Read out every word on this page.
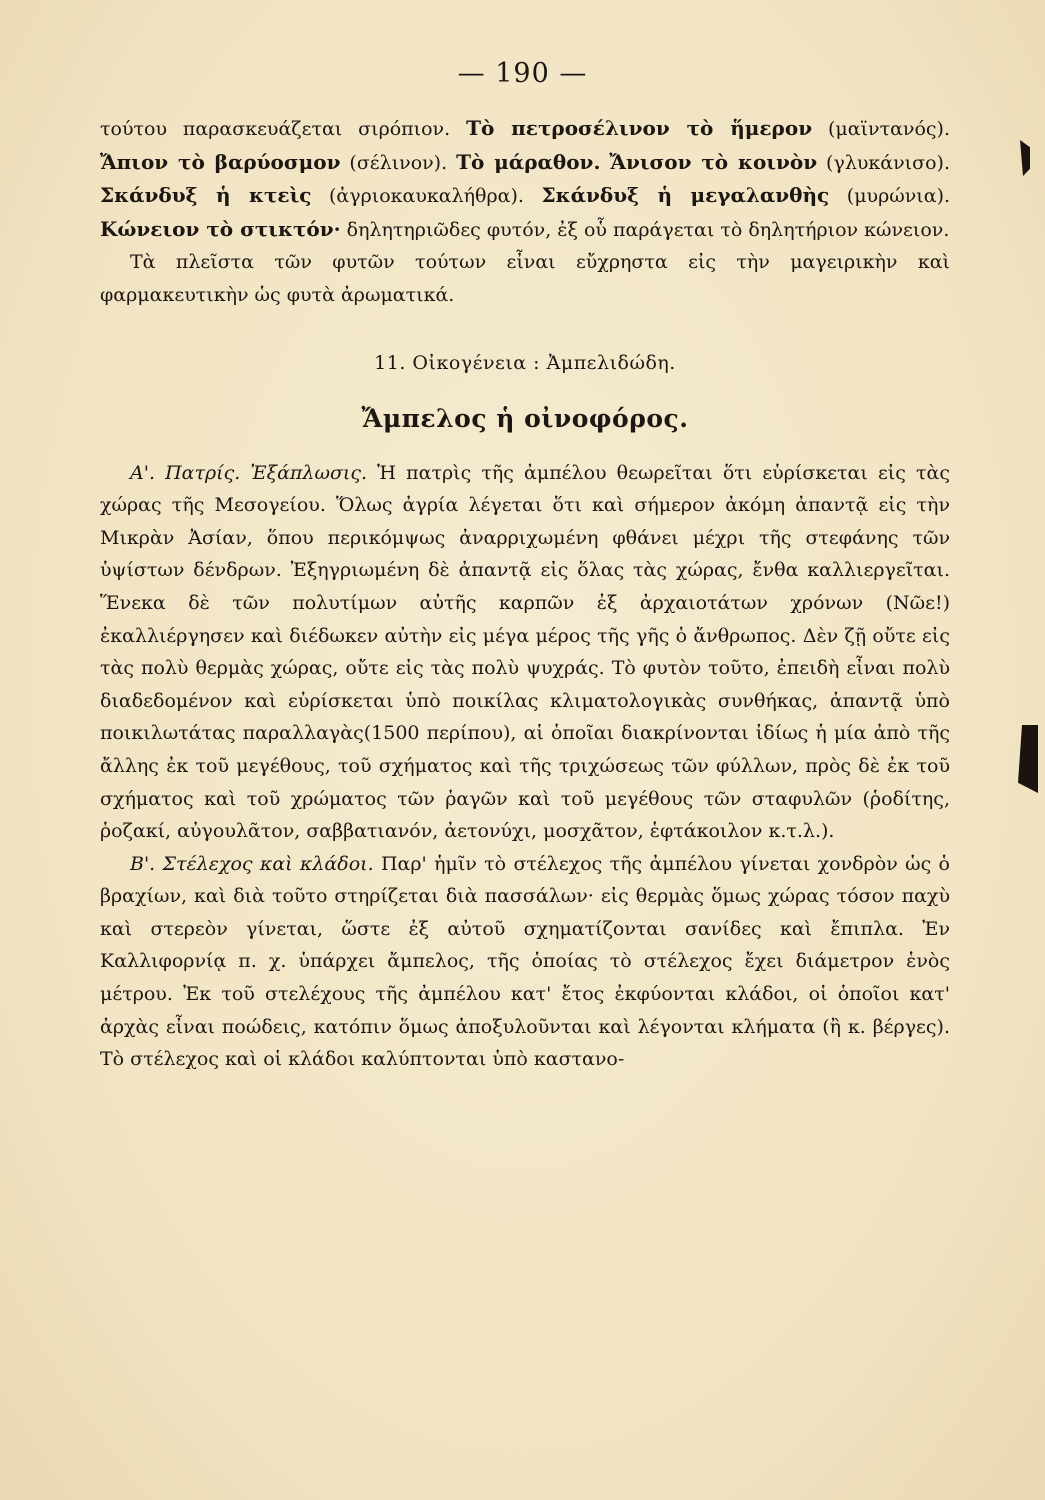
— 190 —

τούτου παρασκευάζεται σιρόπιον. Τὸ πετροσέλινον τὸ ἥμερον (μαϊντανός). Ἄπιον τὸ βαρύοσμον (σέλινον). Τὸ μάραθον. Ἄνισον τὸ κοινὸν (γλυκάνισο). Σκάνδυξ ἡ κτεὶς (ἀγριοκαυκαλήθρα). Σκάνδυξ ἡ μεγαλανθὴς (μυρώνια). Κώνειον τὸ στικτόν· δηλητηριῶδες φυτόν, ἐξ οὗ παράγεται τὸ δηλητήριον κώνειον.

Τὰ πλεῖστα τῶν φυτῶν τούτων εἶναι εὔχρηστα εἰς τὴν μαγειρικὴν καὶ φαρμακευτικὴν ὡς φυτὰ ἀρωματικά.

11. Οἰκογένεια : Ἀμπελιδώδη.
Ἄμπελος ἡ οἰνοφόρος.

Α'. Πατρίς. Ἐξάπλωσις. Ἡ πατρὶς τῆς ἀμπέλου θεωρεῖται ὅτι εὑρίσκεται εἰς τὰς χώρας τῆς Μεσογείου. Ὅλως ἀγρία λέγεται ὅτι καὶ σήμερον ἀκόμη ἀπαντᾷ εἰς τὴν Μικρὰν Ἀσίαν, ὅπου περικόμψως ἀναρριχωμένη φθάνει μέχρι τῆς στεφάνης τῶν ὑψίστων δένδρων. Ἐξηγριωμένη δὲ ἀπαντᾷ εἰς ὅλας τὰς χώρας, ἔνθα καλλιεργεῖται. Ἕνεκα δὲ τῶν πολυτίμων αὐτῆς καρπῶν ἐξ ἀρχαιοτάτων χρόνων (Νῶε!) ἐκαλλιέργησεν καὶ διέδωκεν αὐτὴν εἰς μέγα μέρος τῆς γῆς ὁ ἄνθρωπος. Δὲν ζῇ οὔτε εἰς τὰς πολὺ θερμὰς χώρας, οὔτε εἰς τὰς πολὺ ψυχράς. Τὸ φυτὸν τοῦτο, ἐπειδὴ εἶναι πολὺ διαδεδομένον καὶ εὑρίσκεται ὑπὸ ποικίλας κλιματολογικὰς συνθήκας, ἀπαντᾷ ὑπὸ ποικιλωτάτας παραλλαγὰς(1500 περίπου), αἱ ὁποῖαι διακρίνονται ἰδίως ἡ μία ἀπὸ τῆς ἄλλης ἐκ τοῦ μεγέθους, τοῦ σχήματος καὶ τῆς τριχώσεως τῶν φύλλων, πρὸς δὲ ἐκ τοῦ σχήματος καὶ τοῦ χρώματος τῶν ῥαγῶν καὶ τοῦ μεγέθους τῶν σταφυλῶν (ῥοδίτης, ῥοζακί, αὐγουλᾶτον, σαββατιανόν, ἀετονύχι, μοσχᾶτον, ἑφτάκοιλον κ.τ.λ.).

Β'. Στέλεχος καὶ κλάδοι. Παρ' ἡμῖν τὸ στέλεχος τῆς ἀμπέλου γίνεται χονδρὸν ὡς ὁ βραχίων, καὶ διὰ τοῦτο στηρίζεται διὰ πασσάλων· εἰς θερμὰς ὅμως χώρας τόσον παχὺ καὶ στερεὸν γίνεται, ὥστε ἐξ αὐτοῦ σχηματίζονται σανίδες καὶ ἔπιπλα. Ἐν Καλλιφορνίᾳ π. χ. ὑπάρχει ἄμπελος, τῆς ὁποίας τὸ στέλεχος ἔχει διάμετρον ἑνὸς μέτρου. Ἐκ τοῦ στελέχους τῆς ἀμπέλου κατ' ἔτος ἐκφύονται κλάδοι, οἱ ὁποῖοι κατ' ἀρχὰς εἶναι ποώδεις, κατόπιν ὅμως ἀποξυλοῦνται καὶ λέγονται κλήματα (ἢ κ. βέργες). Τὸ στέλεχος καὶ οἱ κλάδοι καλύπτονται ὑπὸ καστανο-
